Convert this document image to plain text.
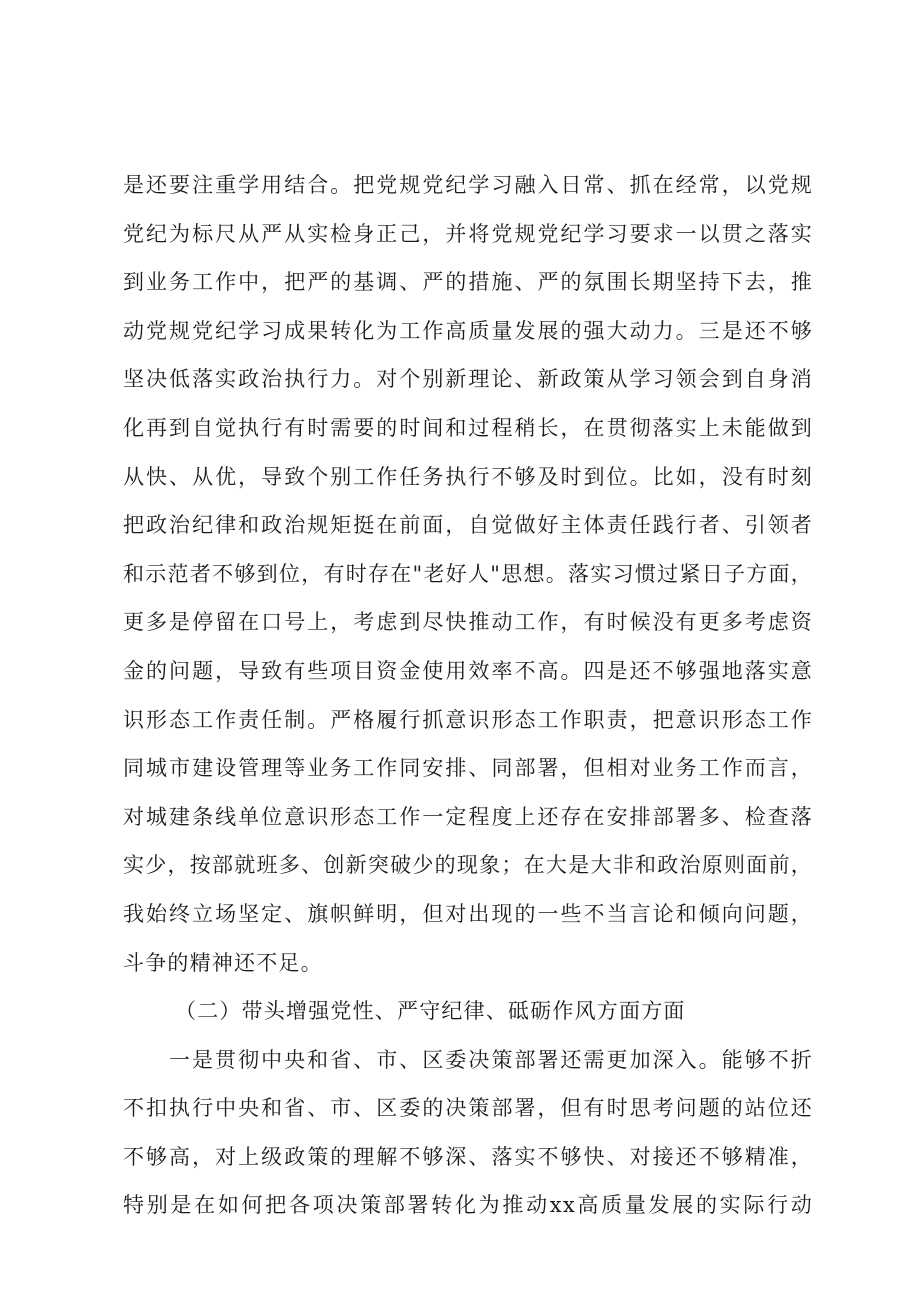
是还要注重学用结合。把党规党纪学习融入日常、抓在经常，以党规
党纪为标尺从严从实检身正己，并将党规党纪学习要求一以贯之落实
到业务工作中，把严的基调、严的措施、严的氛围长期坚持下去，推
动党规党纪学习成果转化为工作高质量发展的强大动力。三是还不够
坚决低落实政治执行力。对个别新理论、新政策从学习领会到自身消
化再到自觉执行有时需要的时间和过程稍长，在贯彻落实上未能做到
从快、从优，导致个别工作任务执行不够及时到位。比如，没有时刻
把政治纪律和政治规矩挺在前面，自觉做好主体责任践行者、引领者
和示范者不够到位，有时存在"老好人"思想。落实习惯过紧日子方面，
更多是停留在口号上，考虑到尽快推动工作，有时候没有更多考虑资
金的问题，导致有些项目资金使用效率不高。四是还不够强地落实意
识形态工作责任制。严格履行抓意识形态工作职责，把意识形态工作
同城市建设管理等业务工作同安排、同部署，但相对业务工作而言，
对城建条线单位意识形态工作一定程度上还存在安排部署多、检查落
实少，按部就班多、创新突破少的现象；在大是大非和政治原则面前，
我始终立场坚定、旗帜鲜明，但对出现的一些不当言论和倾向问题，
斗争的精神还不足。
（二）带头增强党性、严守纪律、砥砺作风方面方面
一是贯彻中央和省、市、区委决策部署还需更加深入。能够不折
不扣执行中央和省、市、区委的决策部署，但有时思考问题的站位还
不够高，对上级政策的理解不够深、落实不够快、对接还不够精准，
特别是在如何把各项决策部署转化为推动xx高质量发展的实际行动
